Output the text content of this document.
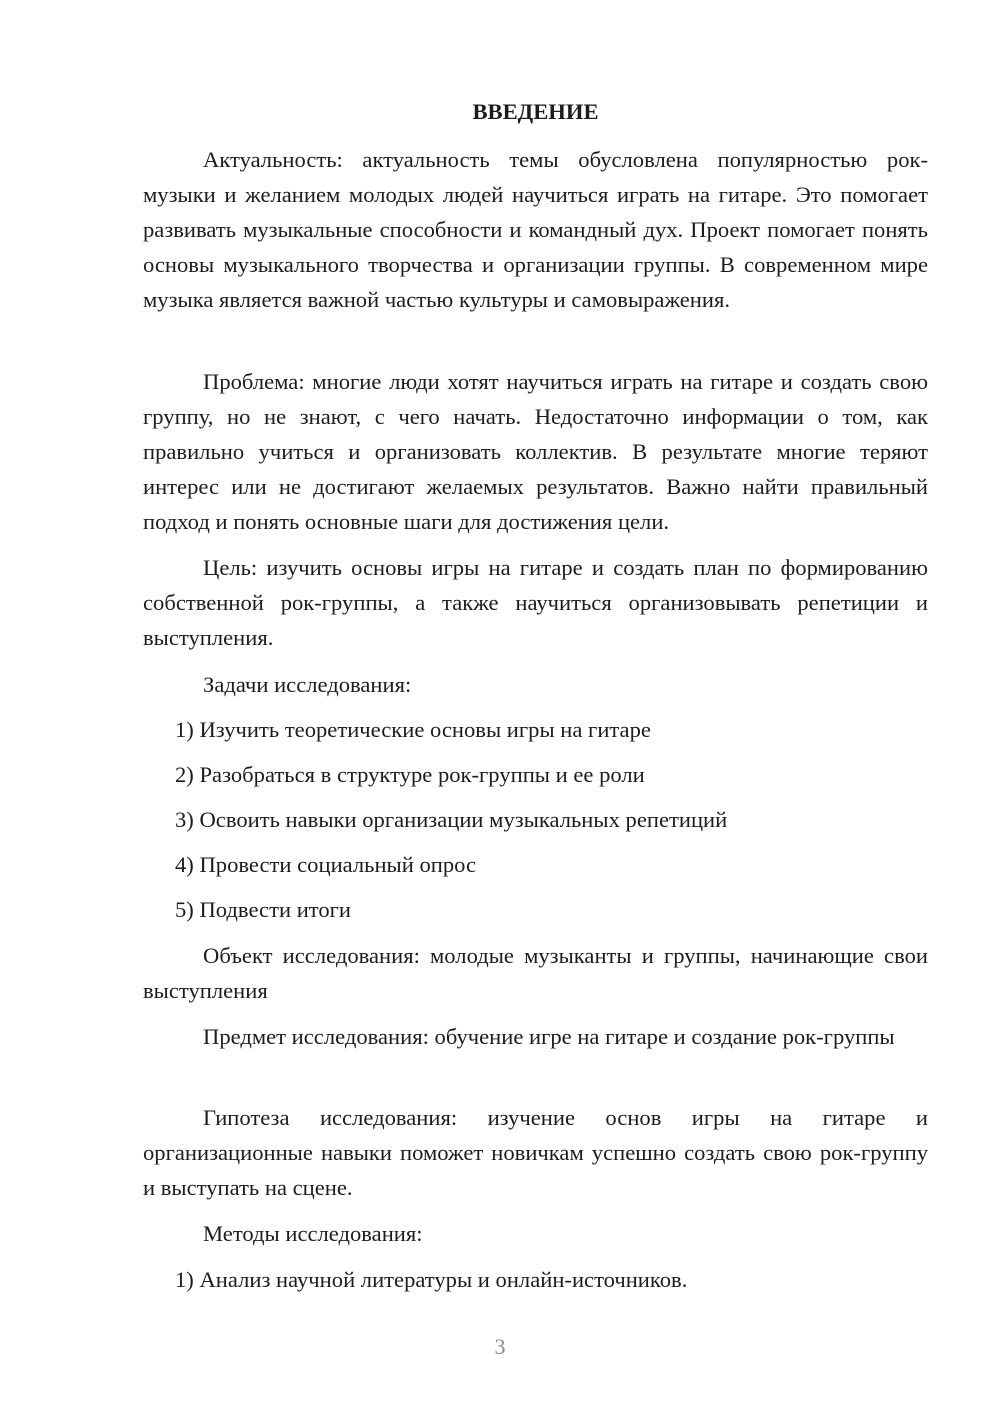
ВВЕДЕНИЕ

Актуальность: актуальность темы обусловлена популярностью рок-музыки и желанием молодых людей научиться играть на гитаре. Это помогает развивать музыкальные способности и командный дух. Проект помогает понять основы музыкального творчества и организации группы. В современном мире музыка является важной частью культуры и самовыражения.

Проблема: многие люди хотят научиться играть на гитаре и создать свою группу, но не знают, с чего начать. Недостаточно информации о том, как правильно учиться и организовать коллектив. В результате многие теряют интерес или не достигают желаемых результатов. Важно найти правильный подход и понять основные шаги для достижения цели.

Цель: изучить основы игры на гитаре и создать план по формированию собственной рок-группы, а также научиться организовывать репетиции и выступления.

Задачи исследования:

1) Изучить теоретические основы игры на гитаре

2) Разобраться в структуре рок-группы и ее роли

3) Освоить навыки организации музыкальных репетиций

4) Провести социальный опрос

5) Подвести итоги

Объект исследования: молодые музыканты и группы, начинающие свои выступления

Предмет исследования: обучение игре на гитаре и создание рок-группы

Гипотеза исследования: изучение основ игры на гитаре и организационные навыки поможет новичкам успешно создать свою рок-группу и выступать на сцене.

Методы исследования:

1) Анализ научной литературы и онлайн-источников.

3
